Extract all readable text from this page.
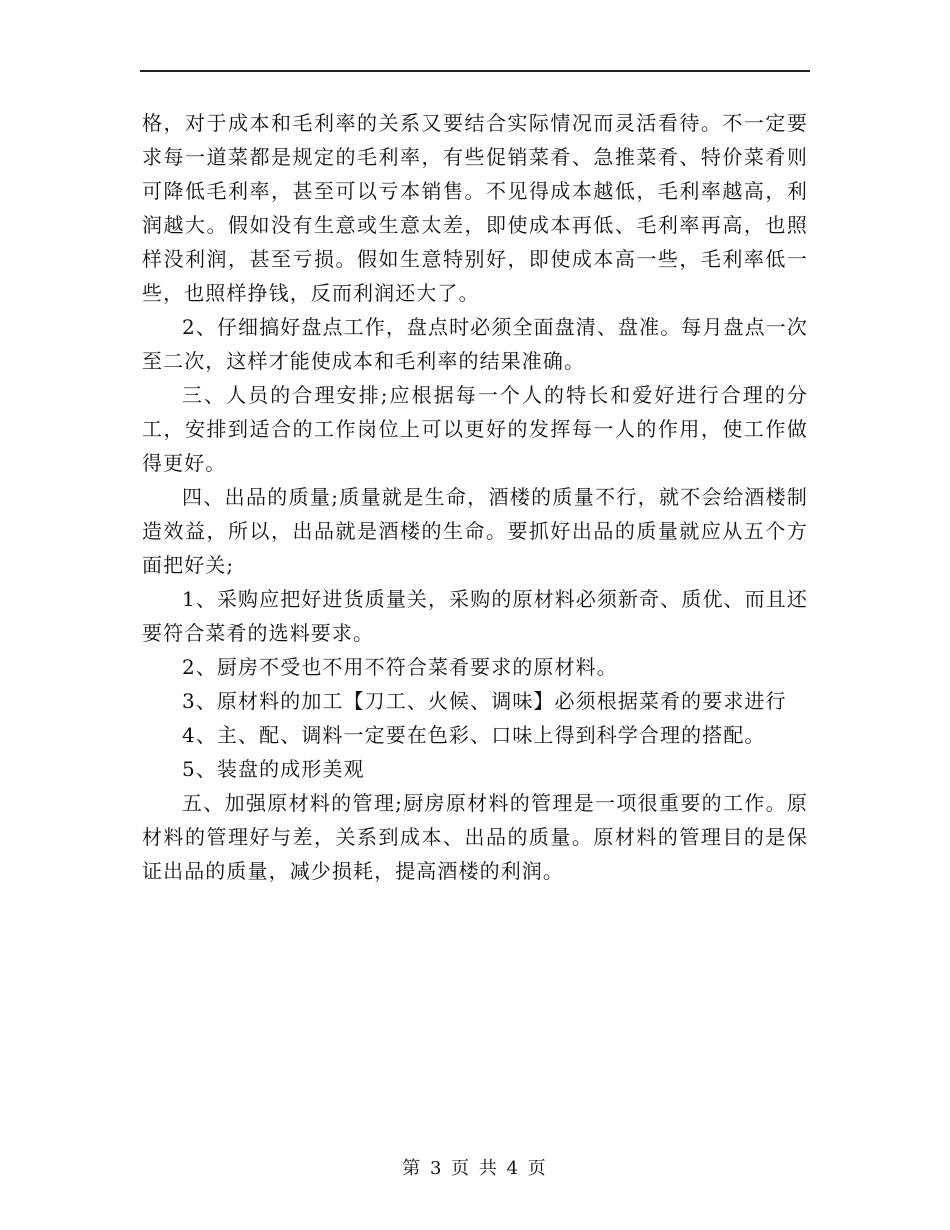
格，对于成本和毛利率的关系又要结合实际情况而灵活看待。不一定要求每一道菜都是规定的毛利率，有些促销菜肴、急推菜肴、特价菜肴则可降低毛利率，甚至可以亏本销售。不见得成本越低，毛利率越高，利润越大。假如没有生意或生意太差，即使成本再低、毛利率再高，也照样没利润，甚至亏损。假如生意特别好，即使成本高一些，毛利率低一些，也照样挣钱，反而利润还大了。

2、仔细搞好盘点工作，盘点时必须全面盘清、盘准。每月盘点一次至二次，这样才能使成本和毛利率的结果准确。

三、人员的合理安排;应根据每一个人的特长和爱好进行合理的分工，安排到适合的工作岗位上可以更好的发挥每一人的作用，使工作做得更好。

四、出品的质量;质量就是生命，酒楼的质量不行，就不会给酒楼制造效益，所以，出品就是酒楼的生命。要抓好出品的质量就应从五个方面把好关;

1、采购应把好进货质量关，采购的原材料必须新奇、质优、而且还要符合菜肴的选料要求。

2、厨房不受也不用不符合菜肴要求的原材料。

3、原材料的加工【刀工、火候、调味】必须根据菜肴的要求进行

4、主、配、调料一定要在色彩、口味上得到科学合理的搭配。

5、装盘的成形美观

五、加强原材料的管理;厨房原材料的管理是一项很重要的工作。原材料的管理好与差，关系到成本、出品的质量。原材料的管理目的是保证出品的质量，减少损耗，提高酒楼的利润。

第 3 页 共 4 页
